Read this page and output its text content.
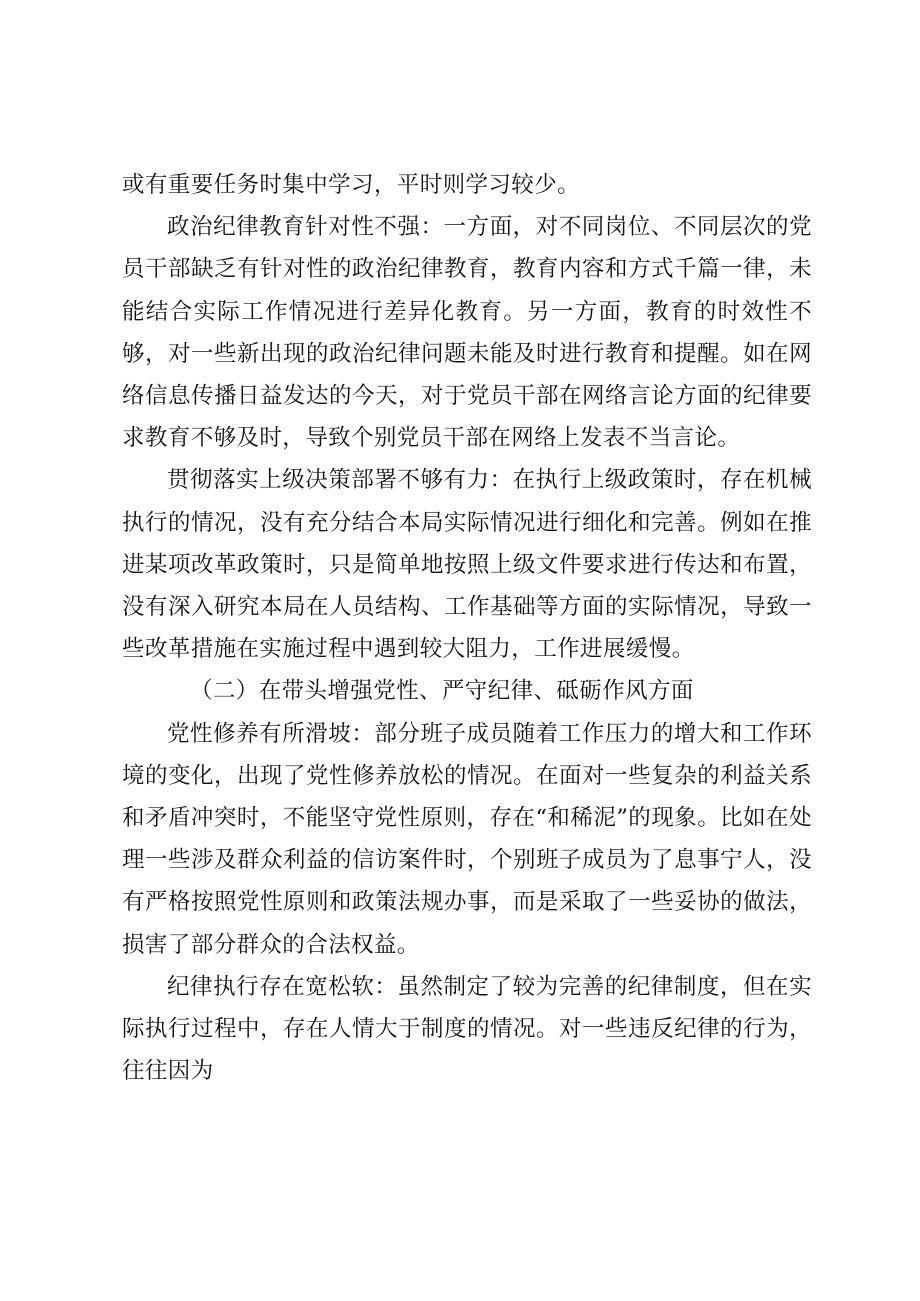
或有重要任务时集中学习，平时则学习较少。

政治纪律教育针对性不强：一方面，对不同岗位、不同层次的党员干部缺乏有针对性的政治纪律教育，教育内容和方式千篇一律，未能结合实际工作情况进行差异化教育。另一方面，教育的时效性不够，对一些新出现的政治纪律问题未能及时进行教育和提醒。如在网络信息传播日益发达的今天，对于党员干部在网络言论方面的纪律要求教育不够及时，导致个别党员干部在网络上发表不当言论。

贯彻落实上级决策部署不够有力：在执行上级政策时，存在机械执行的情况，没有充分结合本局实际情况进行细化和完善。例如在推进某项改革政策时，只是简单地按照上级文件要求进行传达和布置，没有深入研究本局在人员结构、工作基础等方面的实际情况，导致一些改革措施在实施过程中遇到较大阻力，工作进展缓慢。

（二）在带头增强党性、严守纪律、砥砺作风方面

党性修养有所滑坡：部分班子成员随着工作压力的增大和工作环境的变化，出现了党性修养放松的情况。在面对一些复杂的利益关系和矛盾冲突时，不能坚守党性原则，存在“和稀泥”的现象。比如在处理一些涉及群众利益的信访案件时，个别班子成员为了息事宁人，没有严格按照党性原则和政策法规办事，而是采取了一些妥协的做法，损害了部分群众的合法权益。

纪律执行存在宽松软：虽然制定了较为完善的纪律制度，但在实际执行过程中，存在人情大于制度的情况。对一些违反纪律的行为，往往因为
